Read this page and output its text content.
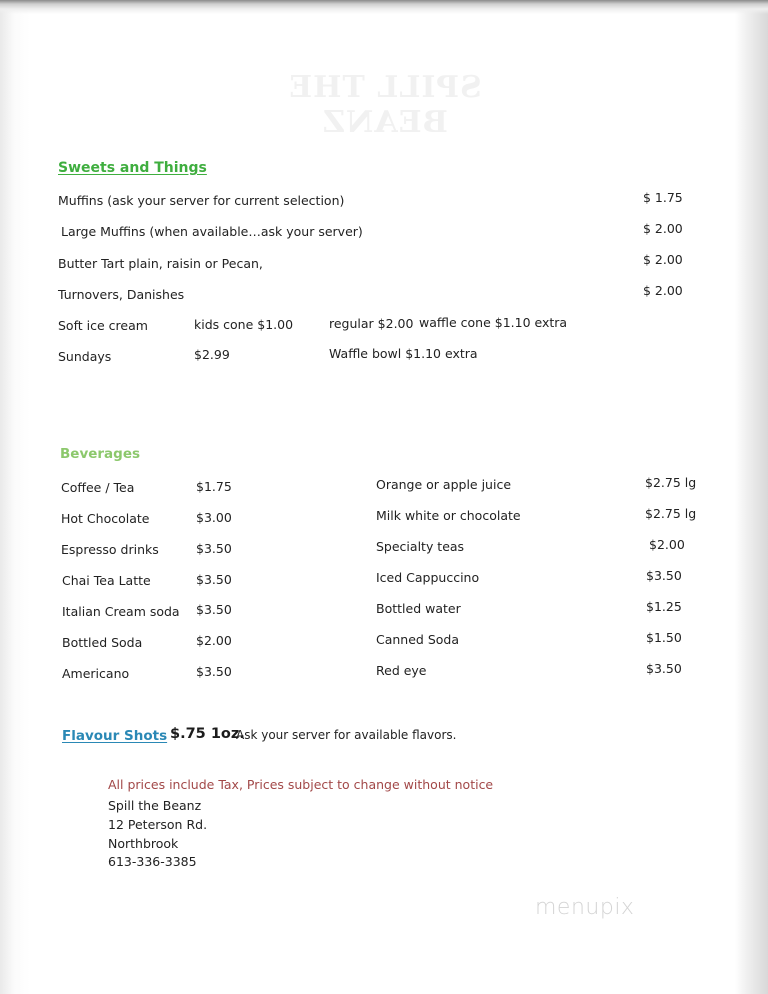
SPILL THE BEANZ
Sweets and Things
Muffins (ask your server for current selection)	$ 1.75
Large Muffins (when available…ask your server)	$ 2.00
Butter Tart plain, raisin or Pecan,	$ 2.00
Turnovers, Danishes	$ 2.00
Soft ice cream	kids cone $1.00	regular $2.00 waffle cone $1.10 extra
Sundays	$2.99	Waffle bowl $1.10 extra
Beverages
Coffee / Tea	$1.75
Hot Chocolate	$3.00
Espresso drinks	$3.50
Chai Tea Latte	$3.50
Italian Cream soda $3.50
Bottled Soda	$2.00
Americano	$3.50
Orange or apple juice	$2.75 lg
Milk white or chocolate	$2.75 lg
Specialty teas	$2.00
Iced Cappuccino	$3.50
Bottled water	$1.25
Canned Soda	$1.50
Red eye	$3.50
Flavour Shots $.75 1oz.
Ask your server for available flavors.
All prices include Tax, Prices subject to change without notice
Spill the Beanz
12 Peterson Rd.
Northbrook
613-336-3385
menupix
